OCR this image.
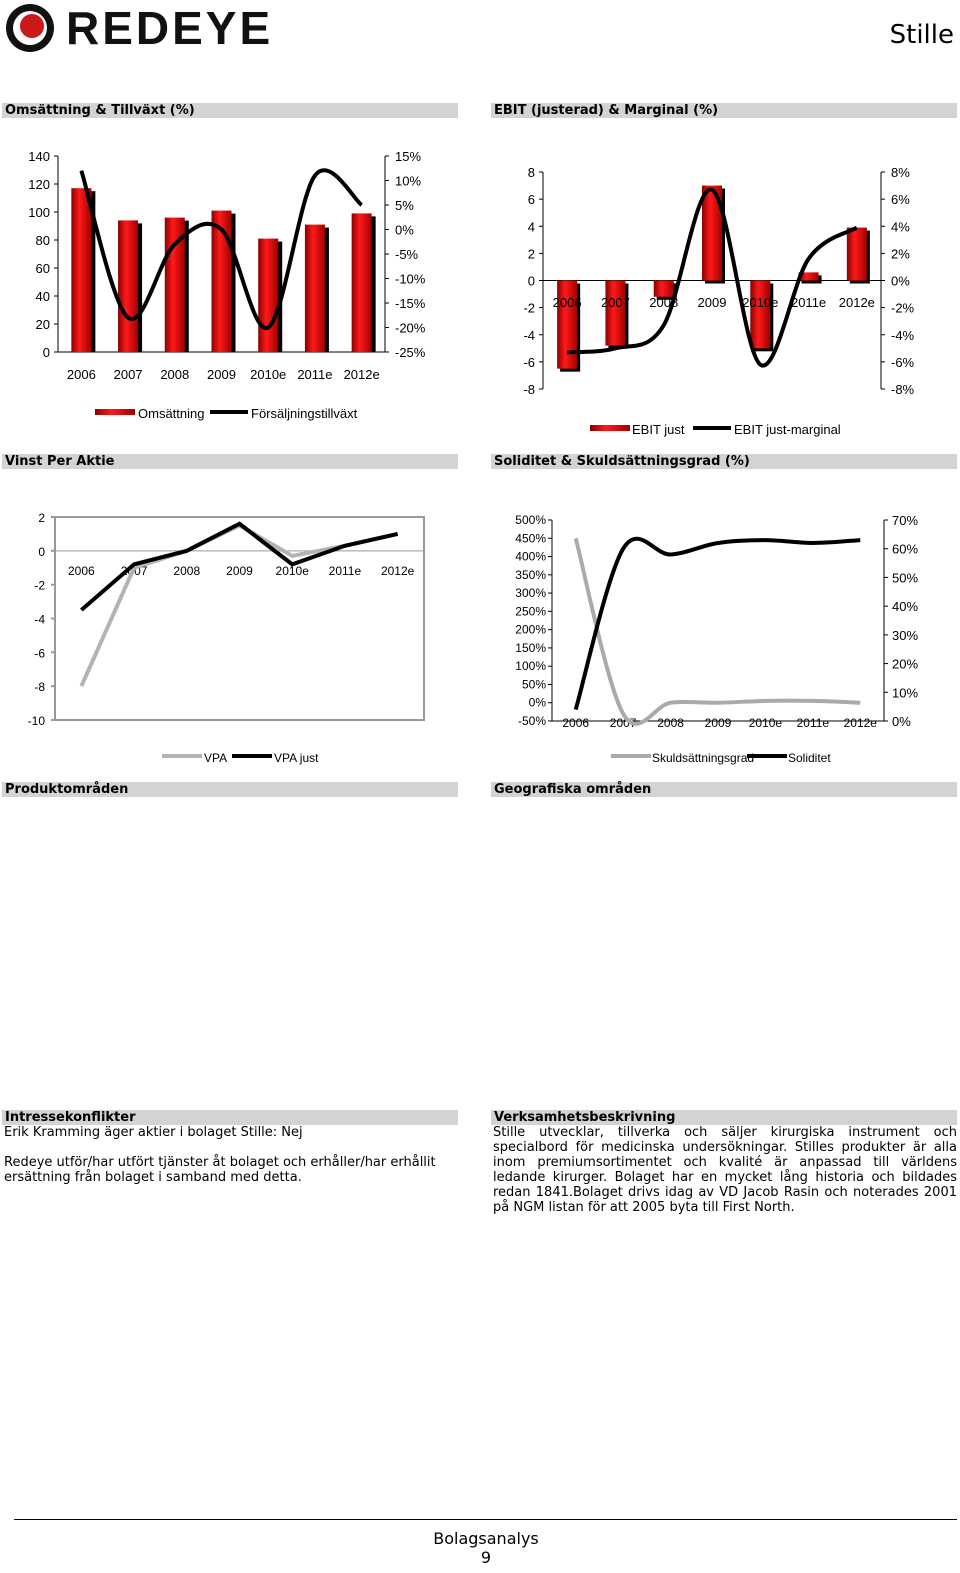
REDEYE	Stille
Omsättning & Tillväxt (%)	EBIT (justerad) & Marginal (%)
Vinst Per Aktie	Soliditet & Skuldsättningsgrad (%)
Produktområden	Geografiska områden
140
120
100
80
60
40
20
0
15%
10%
5%
0%
-5%
-10%
-15%
-20%
-25%
2006 2007 2008 2009 2010e 2011e 2012e
Omsättning	Försäljningstillväxt
8
6
4
2
0
-2
-4
-6
-8
8%
6%
4%
2%
0%
-2%
-4%
-6%
-8%
2006 2007 2008 2009 2010e 2011e 2012e
EBIT just	EBIT just-marginal
2
0
-2
-4
-6
-8
-10
2006 2007 2008 2009 2010e 2011e 2012e
VPA	VPA just
500%
450%
400%
350%
300%
250%
200%
150%
100%
50%
0%
-50%
70%
60%
50%
40%
30%
20%
10%
0%
2006 2007 2008 2009 2010e 2011e 2012e
Skuldsättningsgrad	Soliditet
Intressekonflikter
Erik Kramming äger aktier i bolaget Stille: Nej
Redeye utför/har utfört tjänster åt bolaget och erhåller/har erhållit ersättning från bolaget i samband med detta.
Verksamhetsbeskrivning
Stille utvecklar, tillverka och säljer kirurgiska instrument och specialbord för medicinska undersökningar. Stilles produkter är alla inom premiumsortimentet och kvalité är anpassad till världens ledande kirurger. Bolaget har en mycket lång historia och bildades redan 1841.Bolaget drivs idag av VD Jacob Rasin och noterades 2001 på NGM listan för att 2005 byta till First North.
Bolagsanalys
9
